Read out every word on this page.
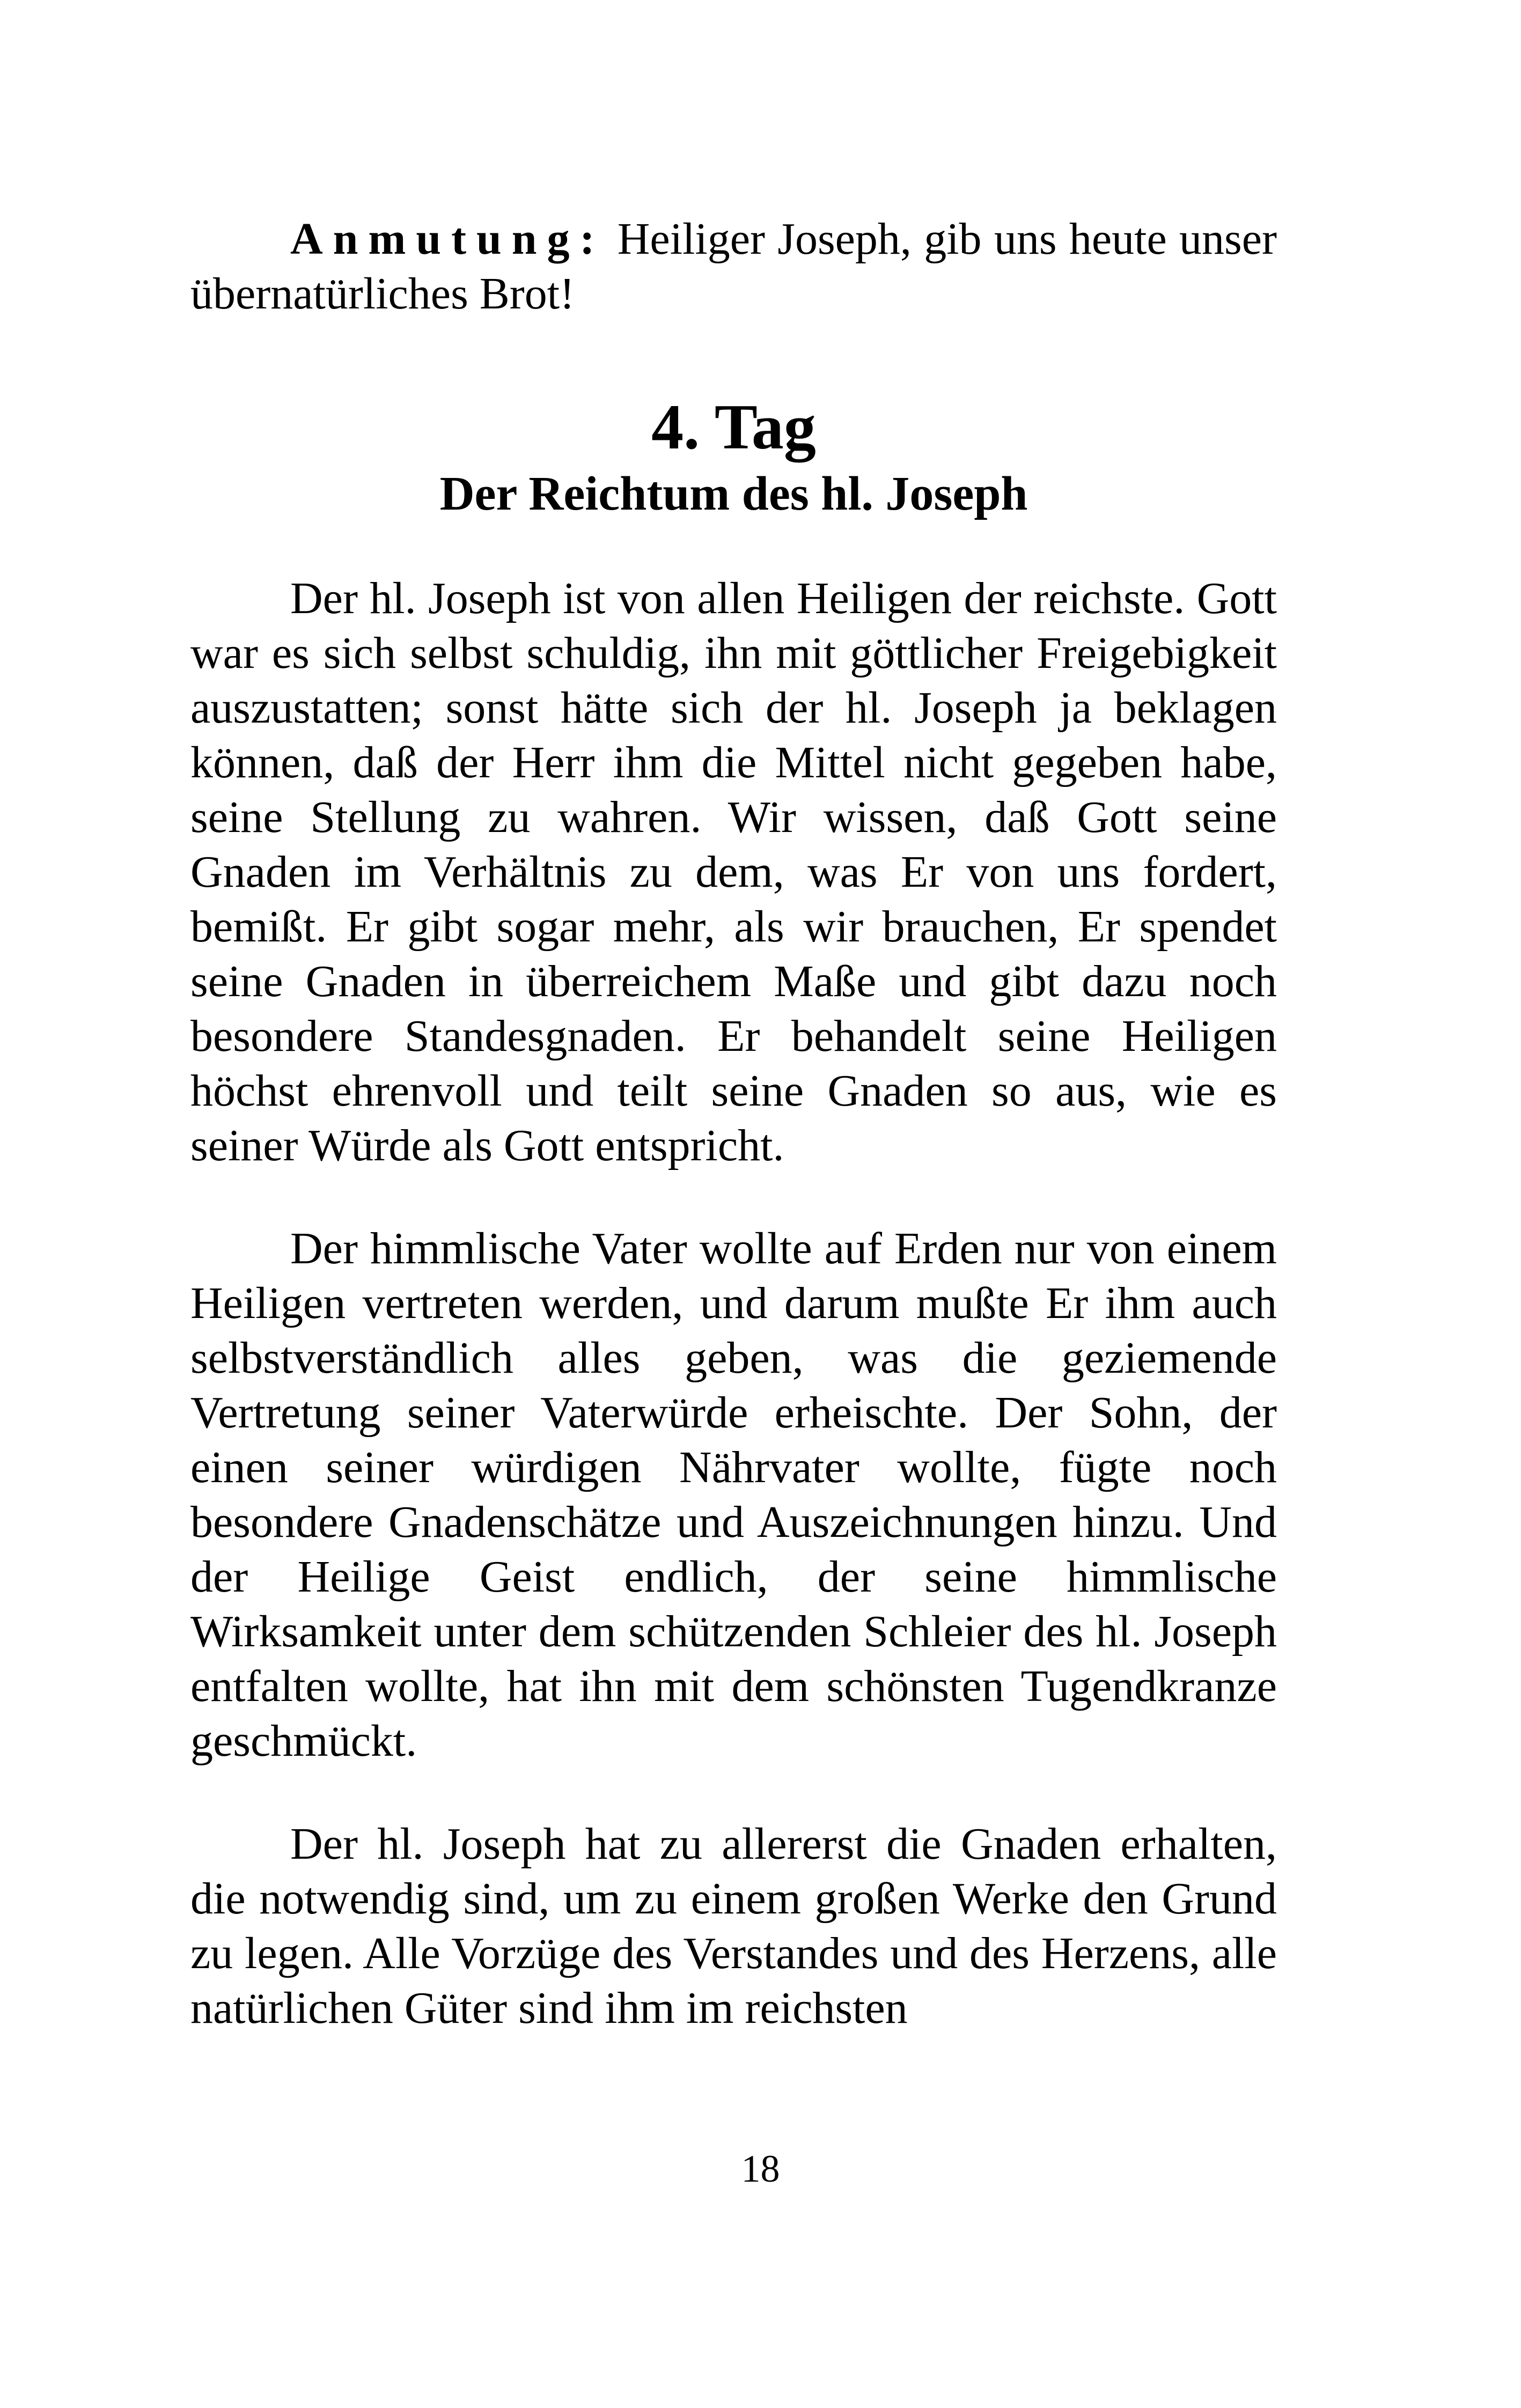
Anmutung: Heiliger Joseph, gib uns heute unser übernatürliches Brot!

4. Tag
Der Reichtum des hl. Joseph

Der hl. Joseph ist von allen Heiligen der reichste. Gott war es sich selbst schuldig, ihn mit göttlicher Freigebigkeit auszustatten; sonst hätte sich der hl. Joseph ja beklagen können, daß der Herr ihm die Mittel nicht gegeben habe, seine Stellung zu wahren. Wir wissen, daß Gott seine Gnaden im Verhältnis zu dem, was Er von uns fordert, bemißt. Er gibt sogar mehr, als wir brauchen, Er spendet seine Gnaden in überreichem Maße und gibt dazu noch besondere Standesgnaden. Er behandelt seine Heiligen höchst ehrenvoll und teilt seine Gnaden so aus, wie es seiner Würde als Gott entspricht.

Der himmlische Vater wollte auf Erden nur von einem Heiligen vertreten werden, und darum mußte Er ihm auch selbstverständlich alles geben, was die geziemende Vertretung seiner Vaterwürde erheischte. Der Sohn, der einen seiner würdigen Nährvater wollte, fügte noch besondere Gnadenschätze und Auszeichnungen hinzu. Und der Heilige Geist endlich, der seine himmlische Wirksamkeit unter dem schützenden Schleier des hl. Joseph entfalten wollte, hat ihn mit dem schönsten Tugendkranze geschmückt.

Der hl. Joseph hat zu allererst die Gnaden erhalten, die notwendig sind, um zu einem großen Werke den Grund zu legen. Alle Vorzüge des Verstandes und des Herzens, alle natürlichen Güter sind ihm im reichsten

18
